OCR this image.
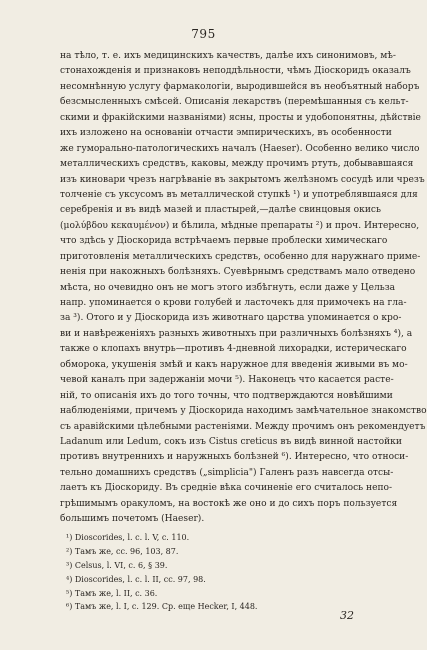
795
на тѣло, т. е. ихъ медицинскихъ качествъ, далѣе ихъ синонимовъ, мѣ-
стонахожденія и признаковъ неподдѣльности, чѣмъ Діоскоридъ оказалъ
несомнѣнную услугу фармакологіи, выродившейся въ необъятный наборъ
безсмысленныхъ смѣсей. Описанія лекарствъ (перемѣшанныя съ кельт-
скими и фракійскими названіями) ясны, просты и удобопонятны, дѣйствіе
ихъ изложено на основаніи отчасти эмпирическихъ, въ особенности
же гуморально-патологическихъ началъ (Haeser). Особенно велико число
металлическихъ средствъ, каковы, между прочимъ ртуть, добывавшаяся
изъ киновари чрезъ нагрѣваніе въ закрытомъ желѣзномъ сосудѣ или чрезъ
толченіе съ уксусомъ въ металлической ступкѣ ¹) и употреблявшаяся для
серебренія и въ видѣ мазей и пластырей,—далѣе свинцовыя окись
(μολύβδου κεκαυμένον) и бѣлила, мѣдные препараты ²) и проч. Интересно,
что здѣсь у Діоскорида встрѣчаемъ первые проблески химическаго
приготовленія металлическихъ средствъ, особенно для наружнаго приме-
ненія при накожныхъ болѣзняхъ. Суевѣрнымъ средствамъ мало отведено
мѣста, но очевидно онъ не могъ этого избѣгнуть, если даже у Цельза
напр. упоминается о крови голубей и ласточекъ для примочекъ на гла-
за ³). Отого и у Діоскорида изъ животнаго царства упоминается о кро-
ви и навѣреженіяхъ разныхъ животныхъ при различныхъ болѣзняхъ ⁴), а
также о клопахъ внутрь—противъ 4-дневной лихорадки, истерическаго
обморока, укушенія змѣй и какъ наружное для введенія живыми въ мо-
чевой каналъ при задержаніи мочи ⁵). Наконецъ что касается расте-
ній, то описанія ихъ до того точны, что подтверждаются новѣйшими
наблюденіями, причемъ у Діоскорида находимъ замѣчательное знакомство
съ аравійскими цѣлебными растеніями. Между прочимъ онъ рекомендуетъ
Ladanum или Ledum, сокъ изъ Cistus creticus въ видѣ винной настойки
противъ внутреннихъ и наружныхъ болѣзней ⁶). Интересно, что относи-
тельно домашнихъ средствъ („simplicia") Галенъ разъ навсегда отсы-
лаетъ къ Діоскориду. Въ средніе вѣка сочиненіе его считалось непо-
грѣшимымъ оракуломъ, на востокѣ же оно и до сихъ поръ пользуется
большимъ почетомъ (Haeser).
¹) Dioscorides, l. c. l. V, c. 110.
²) Тамъ же, сс. 96, 103, 87.
³) Celsus, l. VI, c. 6, § 39.
⁴) Dioscorides, l. c. l. II, cc. 97, 98.
⁵) Тамъ же, l. II, c. 36.
⁶) Тамъ же, l. I, c. 129. Ср. еще Hecker, I, 448.
32
